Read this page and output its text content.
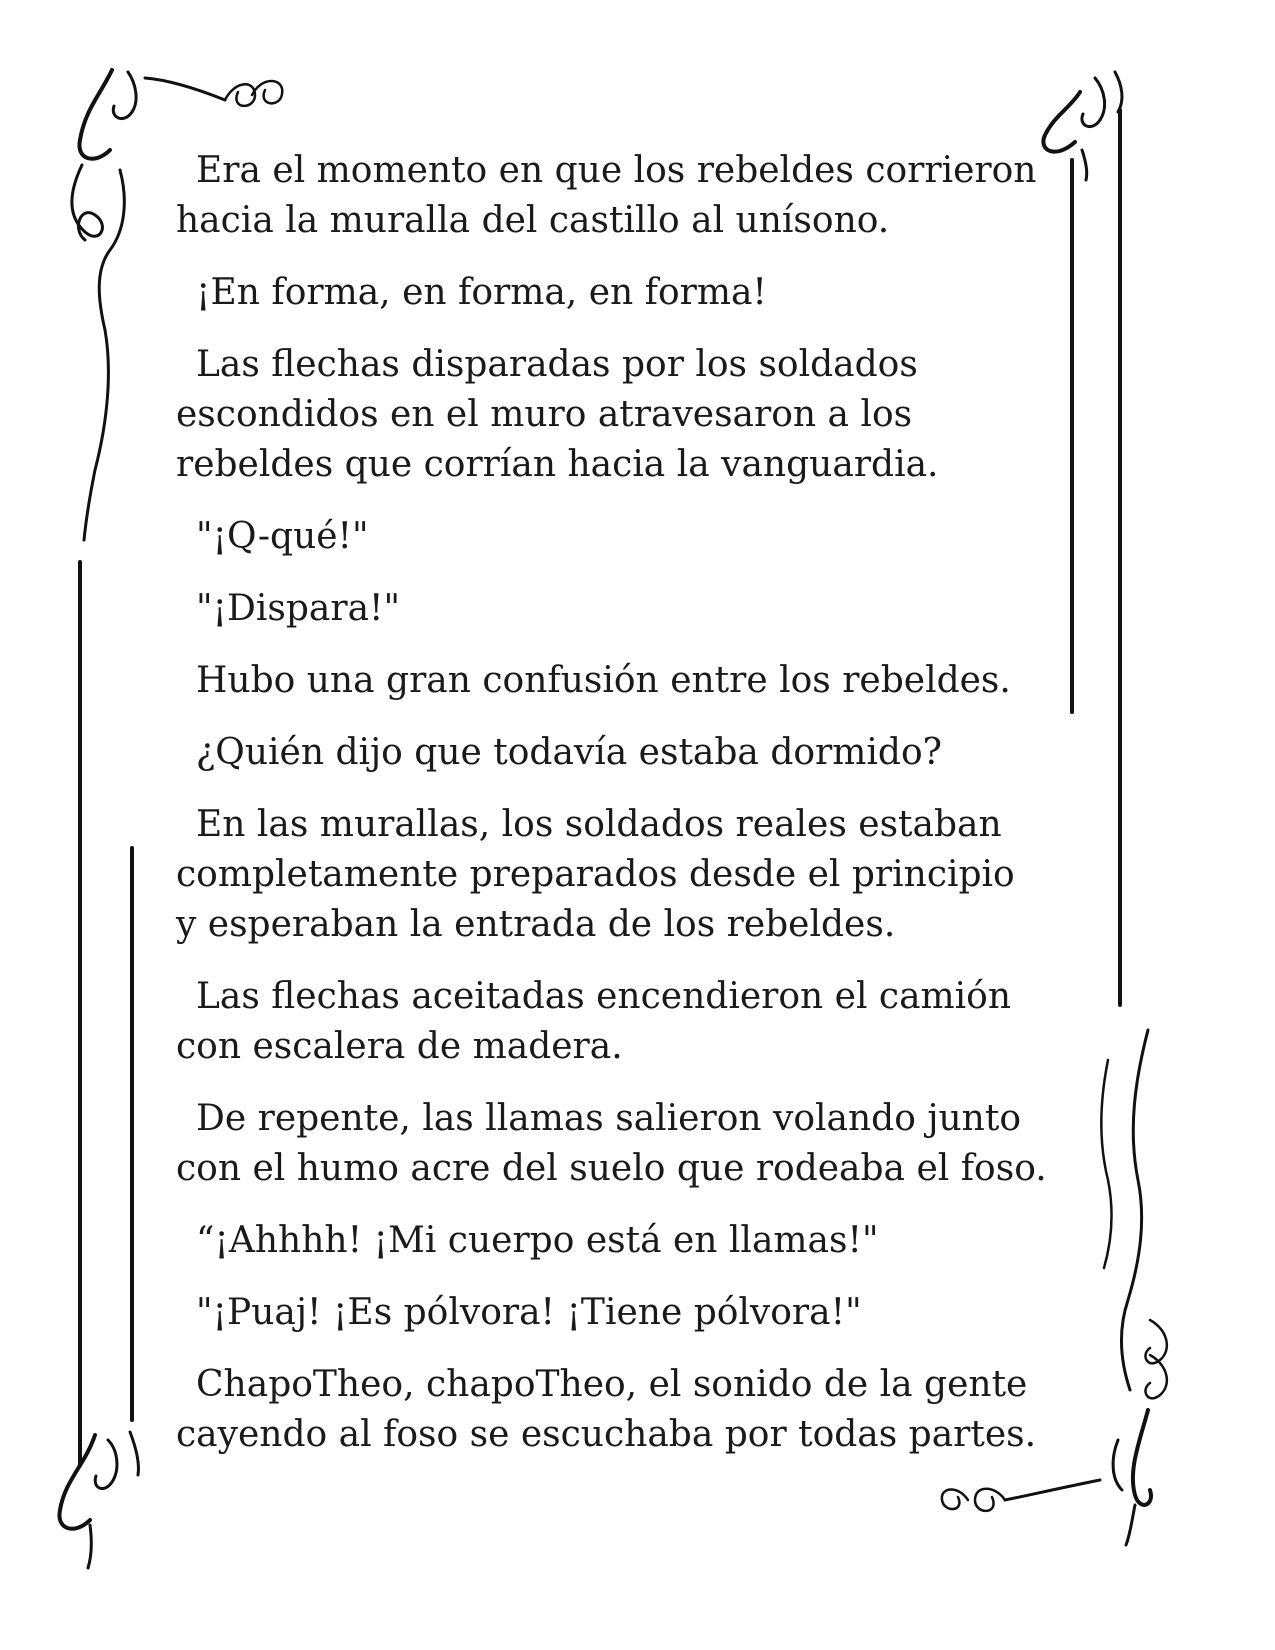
Era el momento en que los rebeldes corrieron
hacia la muralla del castillo al unísono.

¡En forma, en forma, en forma!

Las flechas disparadas por los soldados
escondidos en el muro atravesaron a los
rebeldes que corrían hacia la vanguardia.

"¡Q-qué!"

"¡Dispara!"

Hubo una gran confusión entre los rebeldes.

¿Quién dijo que todavía estaba dormido?

En las murallas, los soldados reales estaban
completamente preparados desde el principio
y esperaban la entrada de los rebeldes.

Las flechas aceitadas encendieron el camión
con escalera de madera.

De repente, las llamas salieron volando junto
con el humo acre del suelo que rodeaba el foso.

“¡Ahhhh! ¡Mi cuerpo está en llamas!"

"¡Puaj! ¡Es pólvora! ¡Tiene pólvora!"

ChapoTheo, chapoTheo, el sonido de la gente
cayendo al foso se escuchaba por todas partes.
